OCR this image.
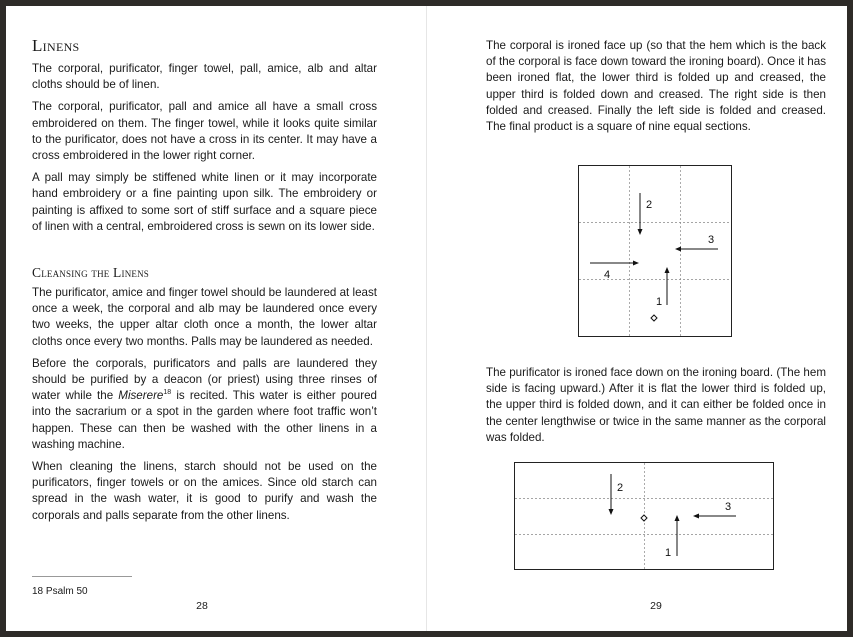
Linens

The corporal, purificator, finger towel, pall, amice, alb and altar cloths should be of linen.

The corporal, purificator, pall and amice all have a small cross embroidered on them. The finger towel, while it looks quite similar to the purificator, does not have a cross in its center. It may have a cross embroidered in the lower right corner.

A pall may simply be stiffened white linen or it may incorporate hand embroidery or a fine painting upon silk. The embroidery or painting is affixed to some sort of stiff surface and a square piece of linen with a central, embroidered cross is sewn on its lower side.

Cleansing the Linens

The purificator, amice and finger towel should be laundered at least once a week, the corporal and alb may be laundered once every two weeks, the upper altar cloth once a month, the lower altar cloths once every two months. Palls may be laundered as needed.

Before the corporals, purificators and palls are laundered they should be purified by a deacon (or priest) using three rinses of water while the Miserere$^{18}$ is recited. This water is either poured into the sacrarium or a spot in the garden where foot traffic won’t happen. These can then be washed with the other linens in a washing machine.

When cleaning the linens, starch should not be used on the purificators, finger towels or on the amices. Since old starch can spread in the wash water, it is good to purify and wash the corporals and palls separate from the other linens.

18 Psalm 50
28

The corporal is ironed face up (so that the hem which is the back of the corporal is face down toward the ironing board). Once it has been ironed flat, the lower third is folded up and creased, the upper third is folded down and creased. The right side is then folded and creased. Finally the left side is folded and creased. The final product is a square of nine equal sections.

2
3
4
1

The purificator is ironed face down on the ironing board. (The hem side is facing upward.) After it is flat the lower third is folded up, the upper third is folded down, and it can either be folded once in the center lengthwise or twice in the same manner as the corporal was folded.

2
3
1
29
